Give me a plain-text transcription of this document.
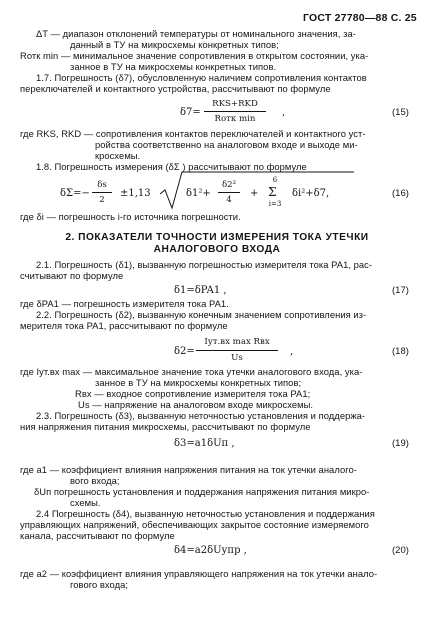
ГОСТ 27780—88 С. 25
ΔT — диапазон отклонений температуры от номинального значения, за-
данный в ТУ на микросхемы конкретных типов;
Rотк min — минимальное значение сопротивления в открытом состоянии, ука-
занное в ТУ на микросхемы конкретных типов.
1.7. Погрешность (δ7), обусловленную наличием сопротивления контактов
переключателей и контактного устройства, рассчитывают по формуле
где RKS, RKD — сопротивления контактов переключателей и контактного уст-
ройства соответственно на аналоговом входе и выходе ми-
кросхемы.
1.8. Погрешность измерения (δΣ ) рассчитывают по формуле
где δi — погрешность i-го источника погрешности.
2.1. Погрешность (δ1), вызванную погрешностью измерителя тока PA1, рас-
считывают по формуле
где δPA1 — погрешность измерителя тока PA1.
2.2. Погрешность (δ2), вызванную конечным значением сопротивления из-
мерителя тока PA1, рассчитывают по формуле
где Iут.вх max — максимальное значение тока утечки аналогового входа, ука-
занное в ТУ на микросхемы конкретных типов;
Rвх — входное сопротивление измерителя тока PA1;
Us — напряжение на аналоговом входе микросхемы.
2.3. Погрешность (δ3), вызванную неточностью установления и поддержа-
ния напряжения питания микросхемы, рассчитывают по формуле
где a1 — коэффициент влияния напряжения питания на ток утечки аналого-
вого входа;
δUп погрешность установления и поддержания напряжения питания микро-
схемы.
2.4 Погрешность (δ4), вызванную неточностью установления и поддержания
управляющих напряжений, обеспечивающих закрытое состояние измеряемого
канала, рассчитывают по формуле
где a2 — коэффициент влияния управляющего напряжения на ток утечки анало-
гового входа;
2. ПОКАЗАТЕЛИ ТОЧНОСТИ ИЗМЕРЕНИЯ ТОКА УТЕЧКИ
АНАЛОГОВОГО ВХОДА
δ7=
RKS+RKD
Rотк min
,	(15)
δΣ=−
δs
2
±1,13	δ1²+
δ2²
4
+
6
Σ
i=3
δi²+δ7,	(16)
δ1=δPA1 ,	(17)
δ2=
Iут.вх max Rвх
Us
,	(18)
δ3=a1δUп ,	(19)
δ4=a2δUупр ,	(20)
